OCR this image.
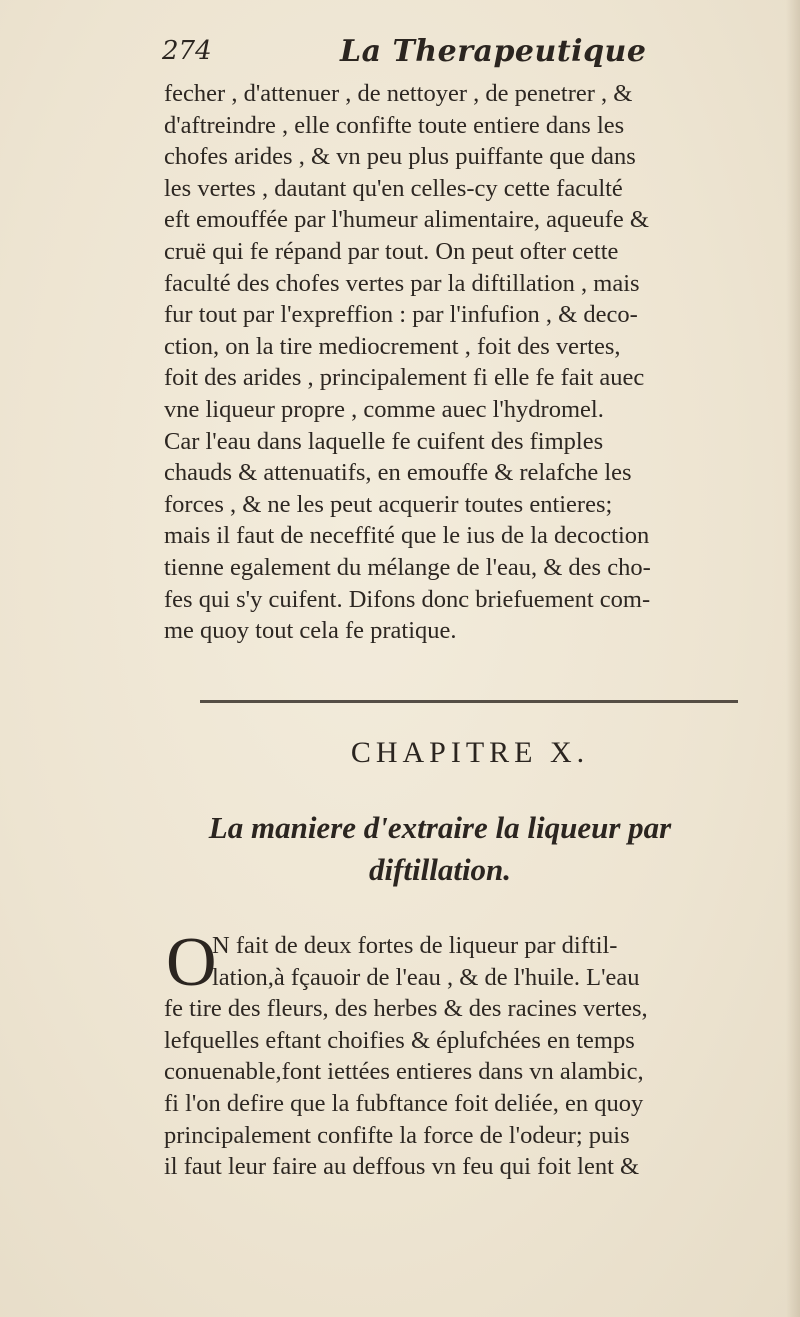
274	La Therapeutique
fecher , d'attenuer , de nettoyer , de penetrer , &
d'aftreindre , elle confifte toute entiere dans les
chofes arides , & vn peu plus puiffante que dans
les vertes , dautant qu'en celles-cy cette faculté
eft emouffée par l'humeur alimentaire, aqueufe &
cruë qui fe répand par tout. On peut ofter cette
faculté des chofes vertes par la diftillation , mais
fur tout par l'expreffion : par l'infufion , & deco-
ction, on la tire mediocrement , foit des vertes,
foit des arides , principalement fi elle fe fait auec
vne liqueur propre , comme auec l'hydromel.
Car l'eau dans laquelle fe cuifent des fimples
chauds & attenuatifs, en emouffe & relafche les
forces , & ne les peut acquerir toutes entieres;
mais il faut de neceffité que le ius de la decoction
tienne egalement du mélange de l'eau, & des cho-
fes qui s'y cuifent. Difons donc briefuement com-
me quoy tout cela fe pratique.
CHAPITRE X.
La maniere d'extraire la liqueur par
diftillation.
O
N fait de deux fortes de liqueur par diftil-
lation,à fçauoir de l'eau , & de l'huile. L'eau
fe tire des fleurs, des herbes & des racines vertes,
lefquelles eftant choifies & éplufchées en temps
conuenable,font iettées entieres dans vn alambic,
fi l'on defire que la fubftance foit deliée, en quoy
principalement confifte la force de l'odeur; puis
il faut leur faire au deffous vn feu qui foit lent &
